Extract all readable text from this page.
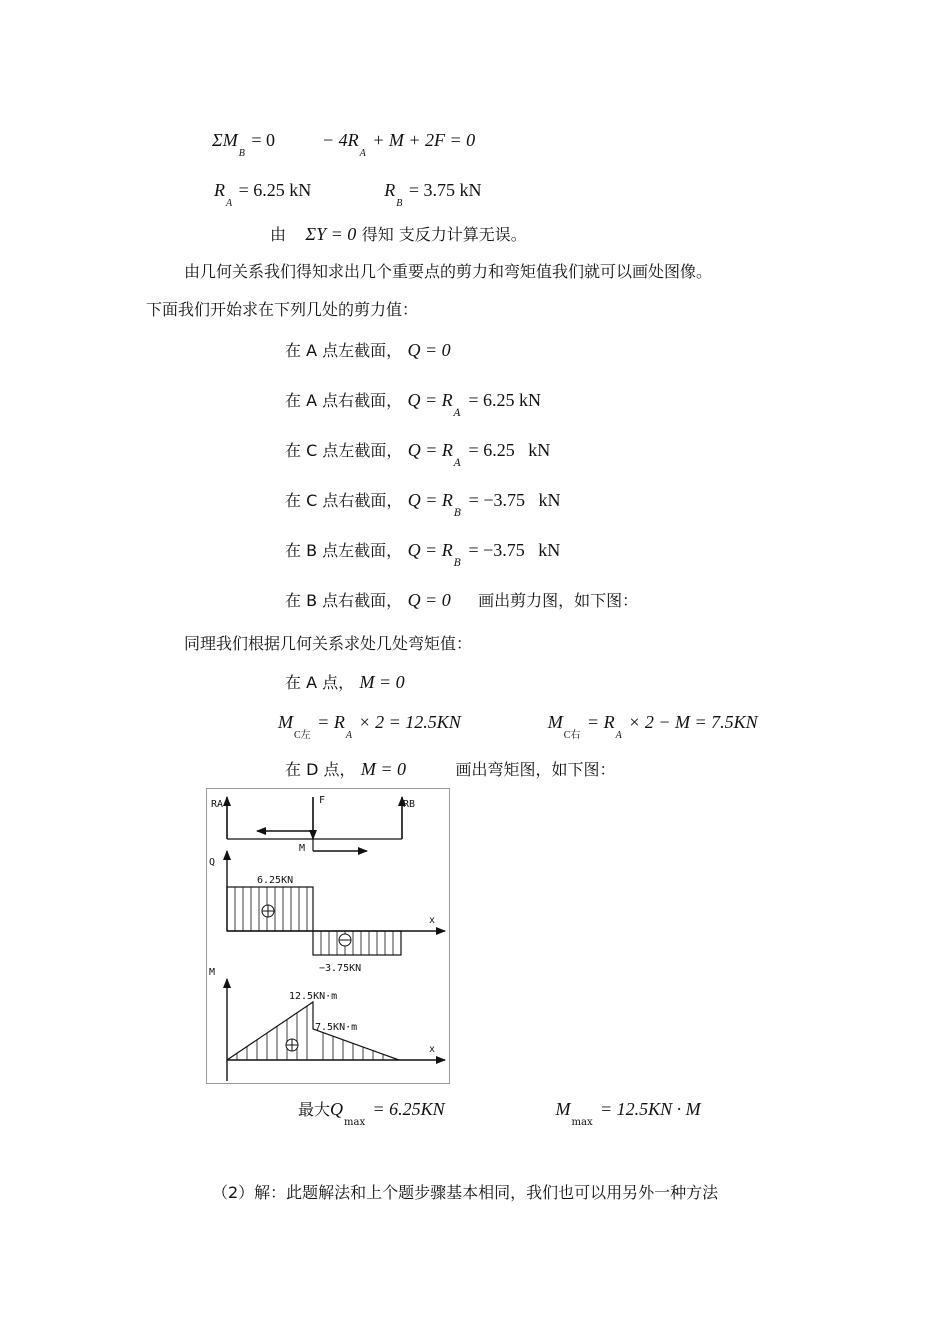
$\Sigma M_B = 0$	− $4R_A + M + 2F = 0$
$R_A = 6.25$ kN	$R_B = 3.75$ kN
由 ΣY = 0 得知 支反力计算无误。
由几何关系我们得知求出几个重要点的剪力和弯矩值我们就可以画处图像。
下面我们开始求在下列几处的剪力值：
在 A 点左截面， Q = 0
在 A 点右截面， $Q = R_A = 6.25$ kN
在 C 点左截面， $Q = R_A = 6.25$   kN
在 C 点右截面， $Q = R_B = -3.75$   kN
在 B 点左截面， $Q = R_B = -3.75$   kN
在 B 点右截面， Q = 0 画出剪力图，如下图：
同理我们根据几何关系求处几处弯矩值：
在 A 点， M = 0
$M_{C左} = R_A \times 2 = 12.5KN$	$M_{C右} = R_A \times 2 - M = 7.5KN$
在 D 点， M = 0	画出弯矩图，如下图：
RA	RB
F
M
Q
x
6.25KN
−3.75KN
M
x
12.5KN·m
7.5KN·m
最大$Q_{max} = 6.25KN$	$M_{max} = 12.5KN \cdot M$
（2）解：此题解法和上个题步骤基本相同，我们也可以用另外一种方法
